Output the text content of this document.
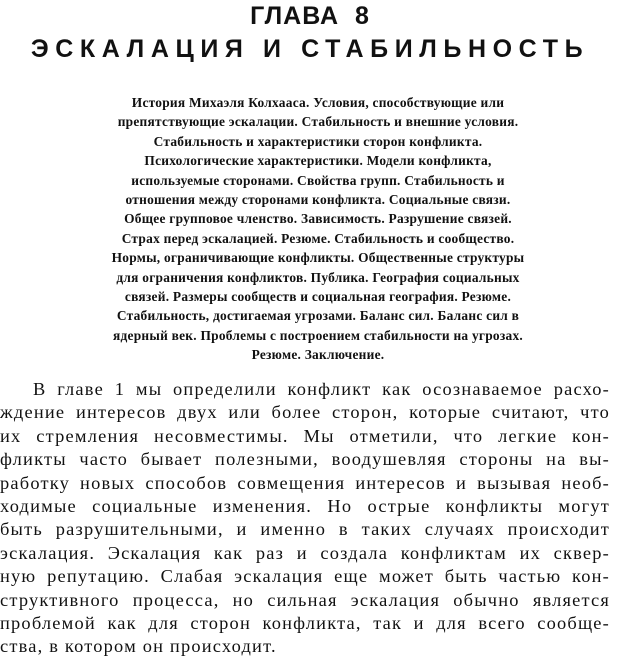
ГЛАВА  8
ЭСКАЛАЦИЯ И СТАБИЛЬНОСТЬ
История Михаэля Колхааса. Условия, способствующие или
препятствующие эскалации. Стабильность и внешние условия.
Стабильность и характеристики сторон конфликта.
Психологические характеристики. Модели конфликта,
используемые сторонами. Свойства групп. Стабильность и
отношения между сторонами конфликта. Социальные связи.
Общее групповое членство. Зависимость. Разрушение связей.
Страх перед эскалацией. Резюме. Стабильность и сообщество.
Нормы, ограничивающие конфликты. Общественные структуры
для ограничения конфликтов. Публика. География социальных
связей. Размеры сообществ и социальная география. Резюме.
Стабильность, достигаемая угрозами. Баланс сил. Баланс сил в
ядерный век. Проблемы с построением стабильности на угрозах.
Резюме. Заключение.
В главе 1 мы определили конфликт как осознаваемое расхо-
ждение интересов двух или более сторон, которые считают, что
их стремления несовместимы. Мы отметили, что легкие кон-
фликты часто бывает полезными, воодушевляя стороны на вы-
работку новых способов совмещения интересов и вызывая необ-
ходимые социальные изменения. Но острые конфликты могут
быть разрушительными, и именно в таких случаях происходит
эскалация. Эскалация как раз и создала конфликтам их сквер-
ную репутацию. Слабая эскалация еще может быть частью кон-
структивного процесса, но сильная эскалация обычно является
проблемой как для сторон конфликта, так и для всего сообще-
ства, в котором он происходит.
